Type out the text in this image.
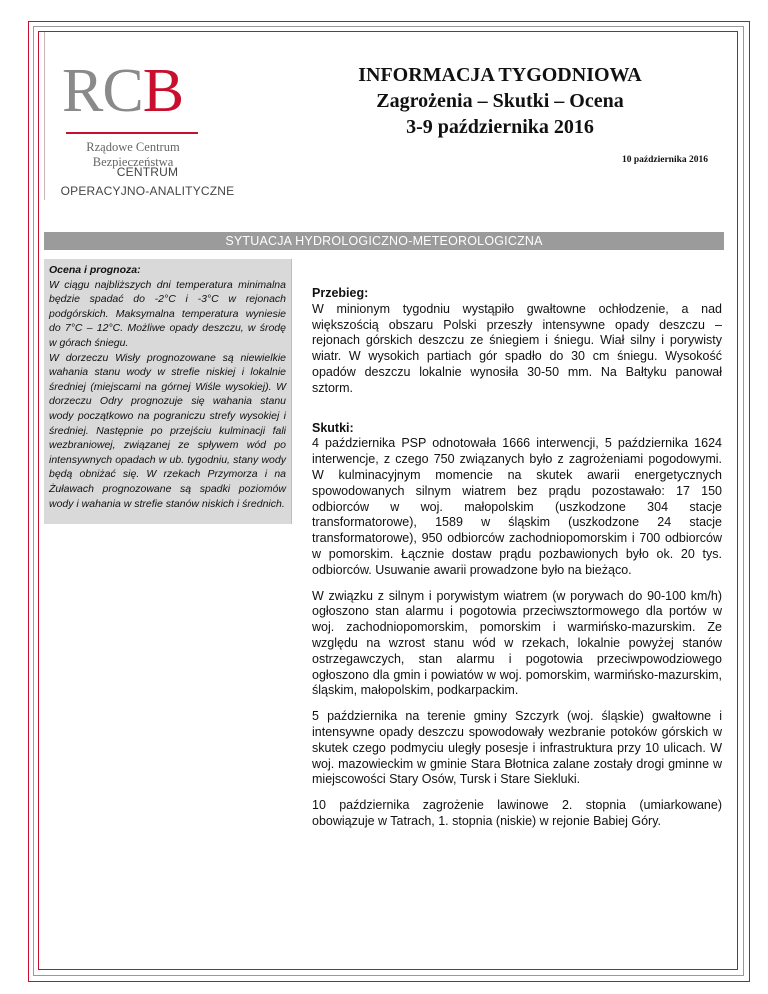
RCB
Rządowe Centrum
Bezpieczeństwa
CENTRUM
OPERACYJNO-ANALITYCZNE
INFORMACJA TYGODNIOWA
Zagrożenia – Skutki – Ocena
3-9 października 2016
10 października 2016
SYTUACJA HYDROLOGICZNO-METEOROLOGICZNA

Ocena i prognoza:

W ciągu najbliższych dni temperatura minimalna będzie spadać do -2°C i -3°C w rejonach podgórskich. Maksymalna temperatura wyniesie do 7°C – 12°C. Możliwe opady deszczu, w środę w górach śniegu.

W dorzeczu Wisły prognozowane są niewielkie wahania stanu wody w strefie niskiej i lokalnie średniej (miejscami na górnej Wiśle wysokiej). W dorzeczu Odry prognozuje się wahania stanu wody początkowo na pograniczu strefy wysokiej i średniej. Następnie po przejściu kulminacji fali wezbraniowej, związanej ze spływem wód po intensywnych opadach w ub. tygodniu, stany wody będą obniżać się. W rzekach Przymorza i na Żuławach prognozowane są spadki poziomów wody i wahania w strefie stanów niskich i średnich.

Przebieg:
W minionym tygodniu wystąpiło gwałtowne ochłodzenie, a nad większością obszaru Polski przeszły intensywne opady deszczu – rejonach górskich deszczu ze śniegiem i śniegu. Wiał silny i porywisty wiatr. W wysokich partiach gór spadło do 30 cm śniegu. Wysokość opadów deszczu lokalnie wynosiła 30-50 mm. Na Bałtyku panował sztorm.

Skutki:
4 października PSP odnotowała 1666 interwencji, 5 października 1624 interwencje, z czego 750 związanych było z zagrożeniami pogodowymi. W kulminacyjnym momencie na skutek awarii energetycznych spowodowanych silnym wiatrem bez prądu pozostawało: 17 150 odbiorców w woj. małopolskim (uszkodzone 304 stacje transformatorowe), 1589 w śląskim (uszkodzone 24 stacje transformatorowe), 950 odbiorców zachodniopomorskim i 700 odbiorców w pomorskim. Łącznie dostaw prądu pozbawionych było ok. 20 tys. odbiorców. Usuwanie awarii prowadzone było na bieżąco.

W związku z silnym i porywistym wiatrem (w porywach do 90-100 km/h) ogłoszono stan alarmu i pogotowia przeciwsztormowego dla portów w woj. zachodniopomorskim, pomorskim i warmińsko-mazurskim. Ze względu na wzrost stanu wód w rzekach, lokalnie powyżej stanów ostrzegawczych, stan alarmu i pogotowia przeciwpowodziowego ogłoszono dla gmin i powiatów w woj. pomorskim, warmińsko-mazurskim, śląskim, małopolskim, podkarpackim.

5 października na terenie gminy Szczyrk (woj. śląskie) gwałtowne i intensywne opady deszczu spowodowały wezbranie potoków górskich w skutek czego podmyciu uległy posesje i infrastruktura przy 10 ulicach. W woj. mazowieckim w gminie Stara Błotnica zalane zostały drogi gminne w miejscowości Stary Osów, Tursk i Stare Siekluki.

10 października zagrożenie lawinowe 2. stopnia (umiarkowane) obowiązuje w Tatrach, 1. stopnia (niskie) w rejonie Babiej Góry.
